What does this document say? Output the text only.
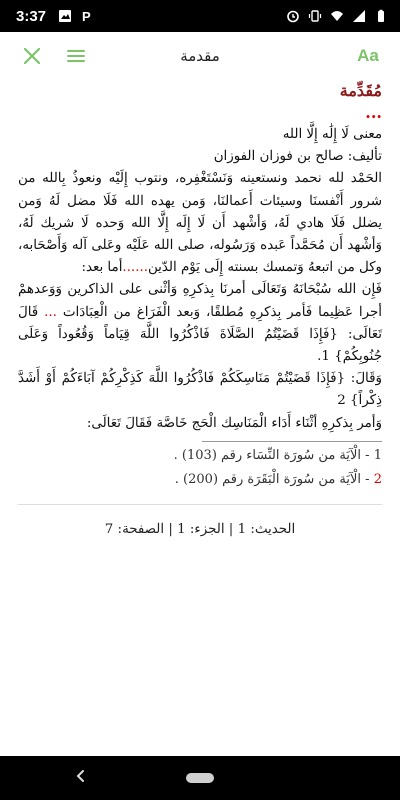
3:37	P
مقدمة	Aa
مُقَدِّمة
...
معنى لَا إِلَٰه إِلَّا الله
تأليف: صالح بن فوزان الفوزان
الحَمْد لله نحمد ونستعينه وَنَسْتَغْفِره، ونتوب إِلَيْه ونعوذُ بِالله من شرور أَنْفسنَا وسيئات أَعمالنَا، وَمن يهده الله فَلَا مضل لَهُ وَمن يضلل فَلَا هادي لَهُ، وَأشْهد أَن لَا إِلَه إِلَّا الله وَحده لَا شريك لَهُ، وَأشْهد أَن مُحَمَّداً عَبده وَرَسُوله، صلى الله عَلَيْه وعَلى آله وَأَصْحَابه، وكل من اتبعهُ وَتمسك بسنته إِلَى يَوْم الدّين......أما بعد:
فَإِن الله سُبْحَانَهُ وَتَعَالَى أمرنَا بِذكرِهِ وَأثْنى على الذاكرين وَوَعدهمْ أجرا عَظِيما فَأمر بِذكرِهِ مُطلقًا، وَبعد الْفَرَاغ من الْعِبَادَات ... قَالَ تَعَالَى: {فَإِذَا قَضَيْتُمُ الصَّلَاةَ فَاذْكُرُوا اللَّهَ قِيَاماً وَقُعُوداً وَعَلَى جُنُوبِكُمْ} 1.
وَقَالَ: {فَإِذَا قَضَيْتُمْ مَنَاسِكَكُمْ فَاذْكُرُوا اللَّهَ كَذِكْرِكُمْ آبَاءَكُمْ أَوْ أَشَدَّ ذِكْراً} 2
وَأمر بِذكرِهِ أثْنَاء أَدَاء الْمَنَاسِك الْحَج خَاصَّة فَقَالَ تَعَالَى:
1 - الْآيَة من سُورَة النِّسَاء رقم (103) .
2 - الْآيَة من سُورَة الْبَقَرَة رقم (200) .
الحديث: 1 | الجزء: 1 | الصفحة: 7
